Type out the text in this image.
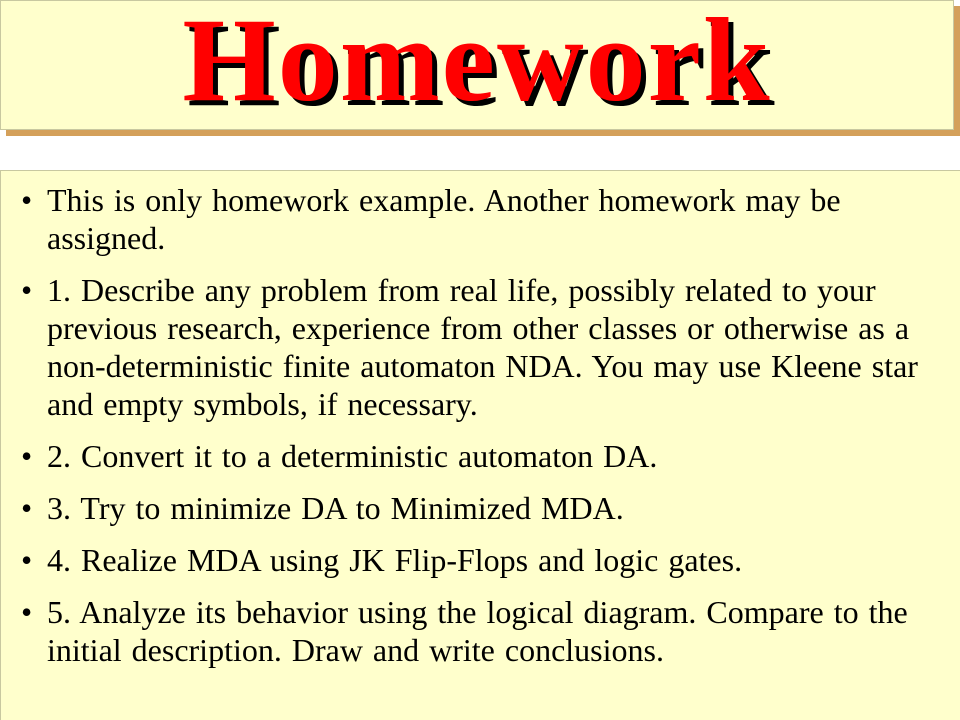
Homework
• This is only homework example. Another homework may be assigned.
• 1. Describe any problem from real life, possibly related to your previous research, experience from other classes or otherwise as a non-deterministic finite automaton NDA. You may use Kleene star and empty symbols, if necessary.
• 2. Convert it to a deterministic automaton DA.
• 3. Try to minimize DA to Minimized MDA.
• 4. Realize MDA using JK Flip-Flops and logic gates.
• 5. Analyze its behavior using the logical diagram. Compare to the initial description. Draw and write conclusions.
